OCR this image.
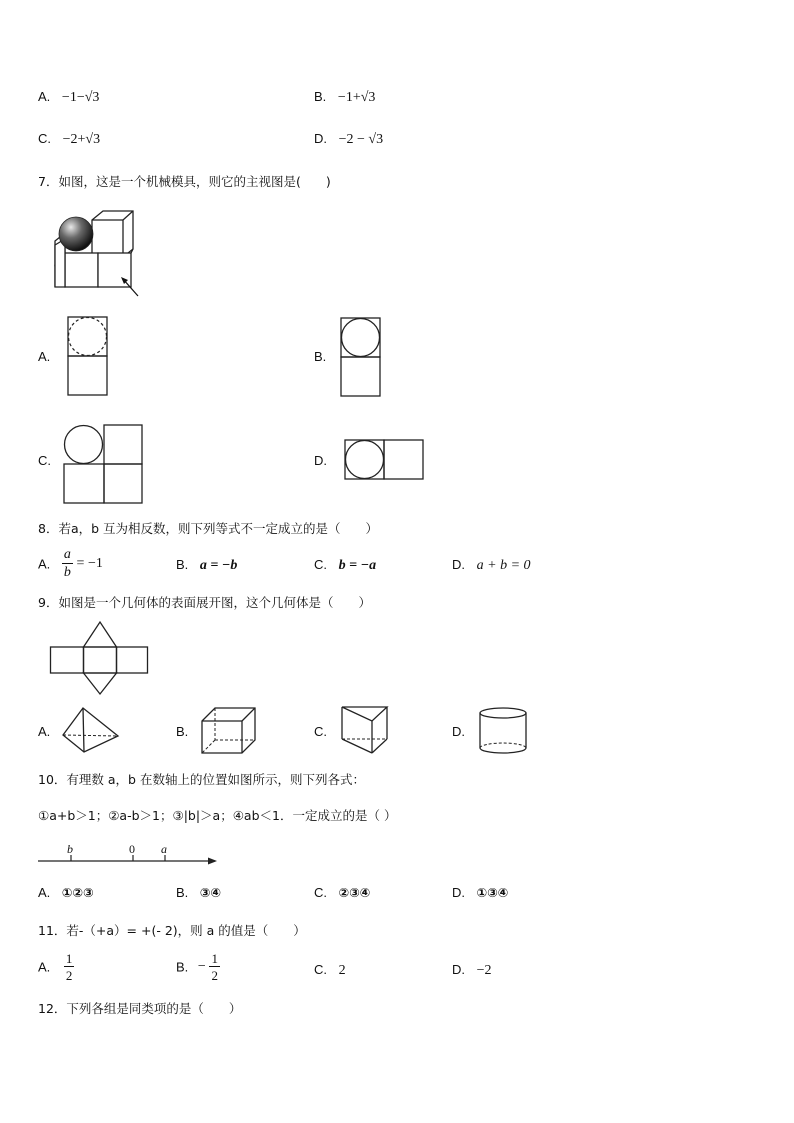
A. −1−√3	B. −1+√3
C. −2+√3	D. −2 − √3
7．如图，这是一个机械模具，则它的主视图是(　　)
A.	B.
C.	D.
8．若a，b 互为相反数，则下列等式不一定成立的是（　　）
A. $\frac{a}{b} = -1$	B. a = −b	C. b = −a	D. a + b = 0
9．如图是一个几何体的表面展开图，这个几何体是（　　）
A.	B.	C.	D.
10．有理数 a，b 在数轴上的位置如图所示，则下列各式：
①a+b＞1；②a-b＞1；③|b|＞a；④ab＜1．一定成立的是（ ）
b	0 a
A. ①②③	B. ③④	C. ②③④	D. ①③④
11．若-（+a）= +(- 2)，则 a 的值是（　　）
A. $\frac{1}{2}$	B. − $\frac{1}{2}$	C. 2	D. −2
12．下列各组是同类项的是（　　）
